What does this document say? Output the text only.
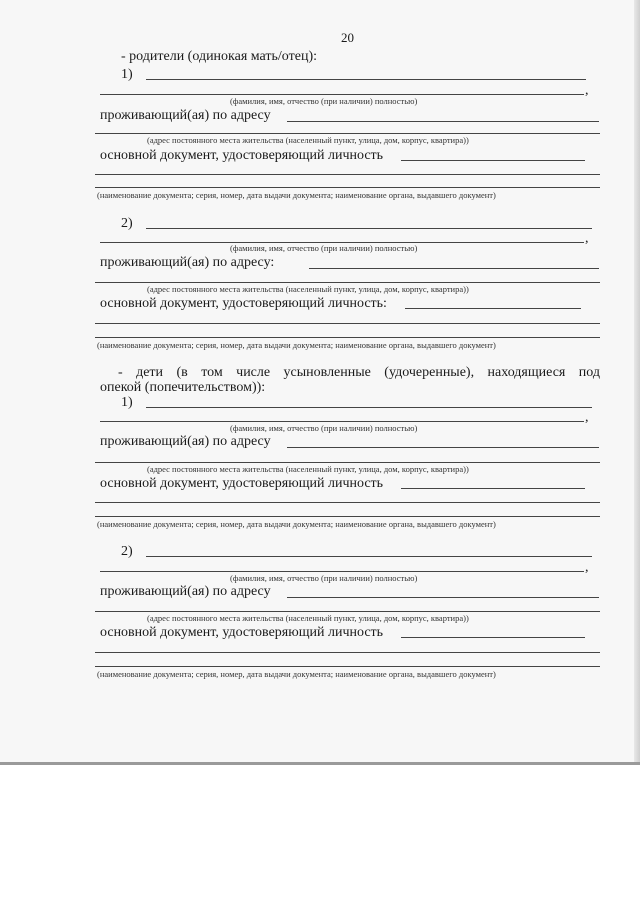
20
- родители (одинокая мать/отец):
1)
,
(фамилия, имя, отчество (при наличии) полностью)
проживающий(ая) по адресу
(адрес постоянного места жительства (населенный пункт, улица, дом, корпус, квартира))
основной документ, удостоверяющий личность
(наименование документа; серия, номер, дата выдачи документа; наименование органа, выдавшего документ)
2)
,
(фамилия, имя, отчество (при наличии) полностью)
проживающий(ая) по адресу:
(адрес постоянного места жительства (населенный пункт, улица, дом, корпус, квартира))
основной документ, удостоверяющий личность:
(наименование документа; серия, номер, дата выдачи документа; наименование органа, выдавшего документ)
- дети (в том числе усыновленные (удочеренные), находящиеся под
опекой (попечительством)):
1)
,
(фамилия, имя, отчество (при наличии) полностью)
проживающий(ая) по адресу
(адрес постоянного места жительства (населенный пункт, улица, дом, корпус, квартира))
основной документ, удостоверяющий личность
(наименование документа; серия, номер, дата выдачи документа; наименование органа, выдавшего документ)
2)
,
(фамилия, имя, отчество (при наличии) полностью)
проживающий(ая) по адресу
(адрес постоянного места жительства (населенный пункт, улица, дом, корпус, квартира))
основной документ, удостоверяющий личность
(наименование документа; серия, номер, дата выдачи документа; наименование органа, выдавшего документ)
